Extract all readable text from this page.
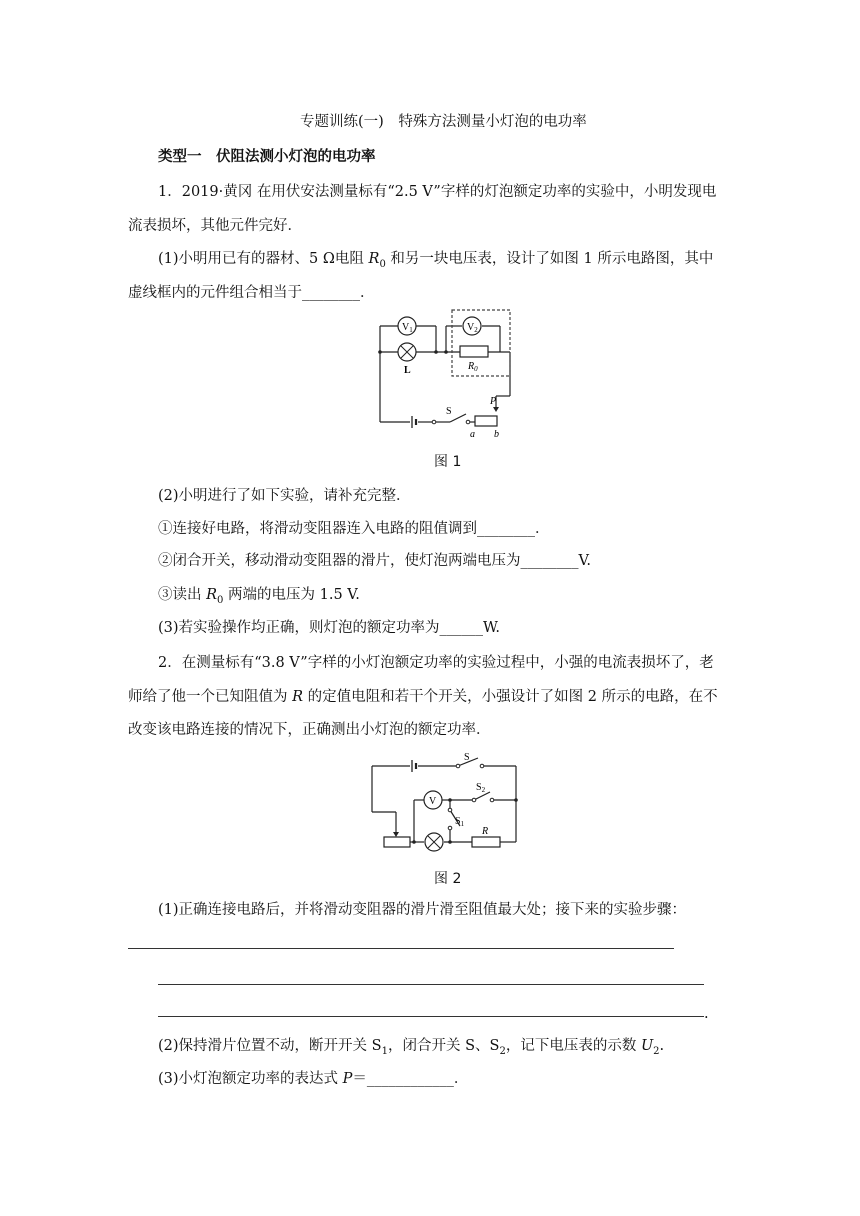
专题训练(一)　特殊方法测量小灯泡的电功率
类型一　伏阻法测小灯泡的电功率
1．2019·黄冈 在用伏安法测量标有“2.5 V”字样的灯泡额定功率的实验中，小明发现电
流表损坏，其他元件完好．
(1)小明用已有的器材、5 Ω电阻 $R_0$ 和另一块电压表，设计了如图 1 所示电路图，其中
虚线框内的元件组合相当于________．
$V_1$	$V_2$
L	$R_0$
S
P
a b
图 1
(2)小明进行了如下实验，请补充完整．
①连接好电路，将滑动变阻器连入电路的阻值调到________．
②闭合开关，移动滑动变阻器的滑片，使灯泡两端电压为________V.
③读出 $R_0$ 两端的电压为 1.5 V.
(3)若实验操作均正确，则灯泡的额定功率为______W.
2．在测量标有“3.8 V”字样的小灯泡额定功率的实验过程中，小强的电流表损坏了，老
师给了他一个已知阻值为 R 的定值电阻和若干个开关，小强设计了如图 2 所示的电路，在不
改变该电路连接的情况下，正确测出小灯泡的额定功率．
S
$S_2$
$S_1$
V
R
图 2
(1)正确连接电路后，并将滑动变阻器的滑片滑至阻值最大处；接下来的实验步骤：
.
(2)保持滑片位置不动，断开开关 $S_1$，闭合开关 S、$S_2$，记下电压表的示数 $U_2$.
(3)小灯泡额定功率的表达式 P＝____________．
